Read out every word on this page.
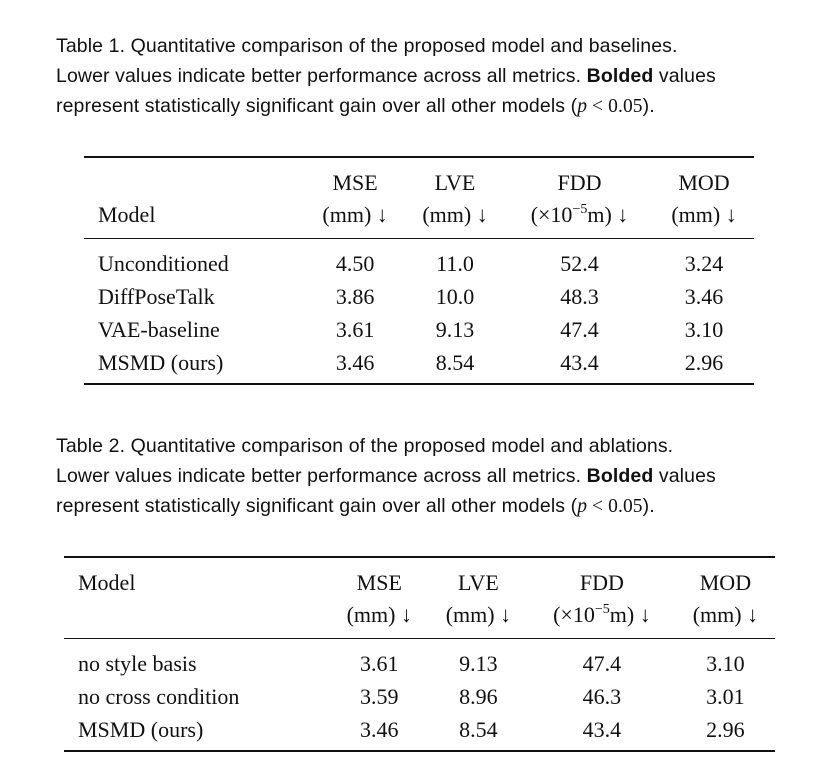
Table 1. Quantitative comparison of the proposed model and baselines.
Lower values indicate better performance across all metrics. Bolded values
represent statistically significant gain over all other models (p < 0.05).
	MSE	LVE	FDD	MOD
Model	(mm) ↓	(mm) ↓	$(\times 10^{-5}m)$ ↓	(mm) ↓
Unconditioned	4.50	11.0	52.4	3.24
DiffPoseTalk	3.86	10.0	48.3	3.46
VAE-baseline	3.61	9.13	47.4	3.10
MSMD (ours)	3.46	8.54	43.4	2.96
Table 2. Quantitative comparison of the proposed model and ablations.
Lower values indicate better performance across all metrics. Bolded values
represent statistically significant gain over all other models (p < 0.05).
Model	MSE	LVE	FDD	MOD
	(mm) ↓	(mm) ↓	$(\times 10^{-5}m)$ ↓	(mm) ↓
no style basis	3.61	9.13	47.4	3.10
no cross condition	3.59	8.96	46.3	3.01
MSMD (ours)	3.46	8.54	43.4	2.96
